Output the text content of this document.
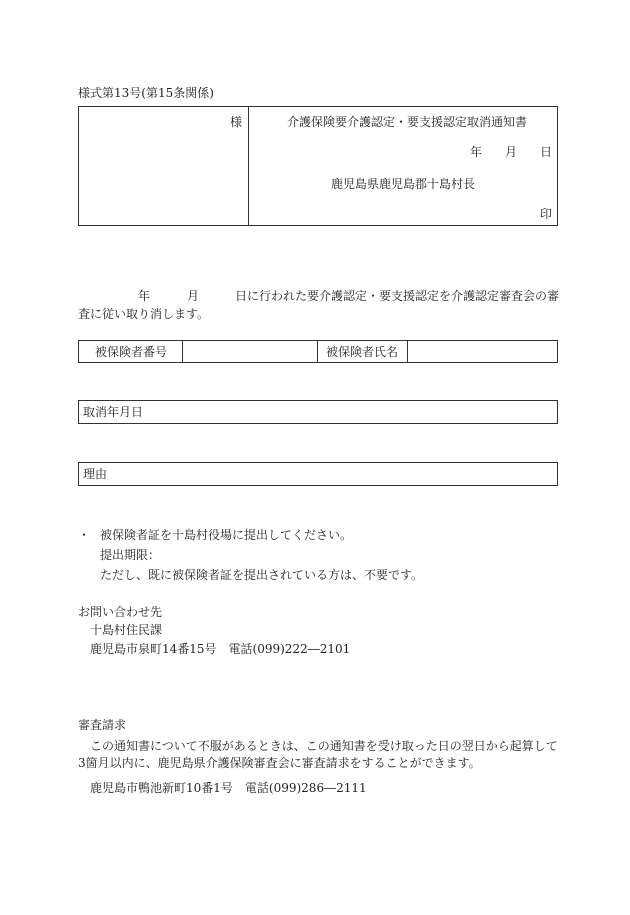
様式第13号(第15条関係)
様	介護保険要介護認定・要支援認定取消通知書
年 月 日
鹿児島県鹿児島郡十島村長
印
年	月	日に行われた要介護認定・要支援認定を介護認定審査会の審
査に従い取り消します。
被保険者番号	被保険者氏名
取消年月日
理由
・ 被保険者証を十島村役場に提出してください。
提出期限：
ただし、既に被保険者証を提出されている方は、不要です。
お問い合わせ先
十島村住民課
鹿児島市泉町14番15号　電話(099)222―2101
審査請求
この通知書について不服があるときは、この通知書を受け取った日の翌日から起算して
3箇月以内に、鹿児島県介護保険審査会に審査請求をすることができます。
鹿児島市鴨池新町10番1号　電話(099)286―2111
